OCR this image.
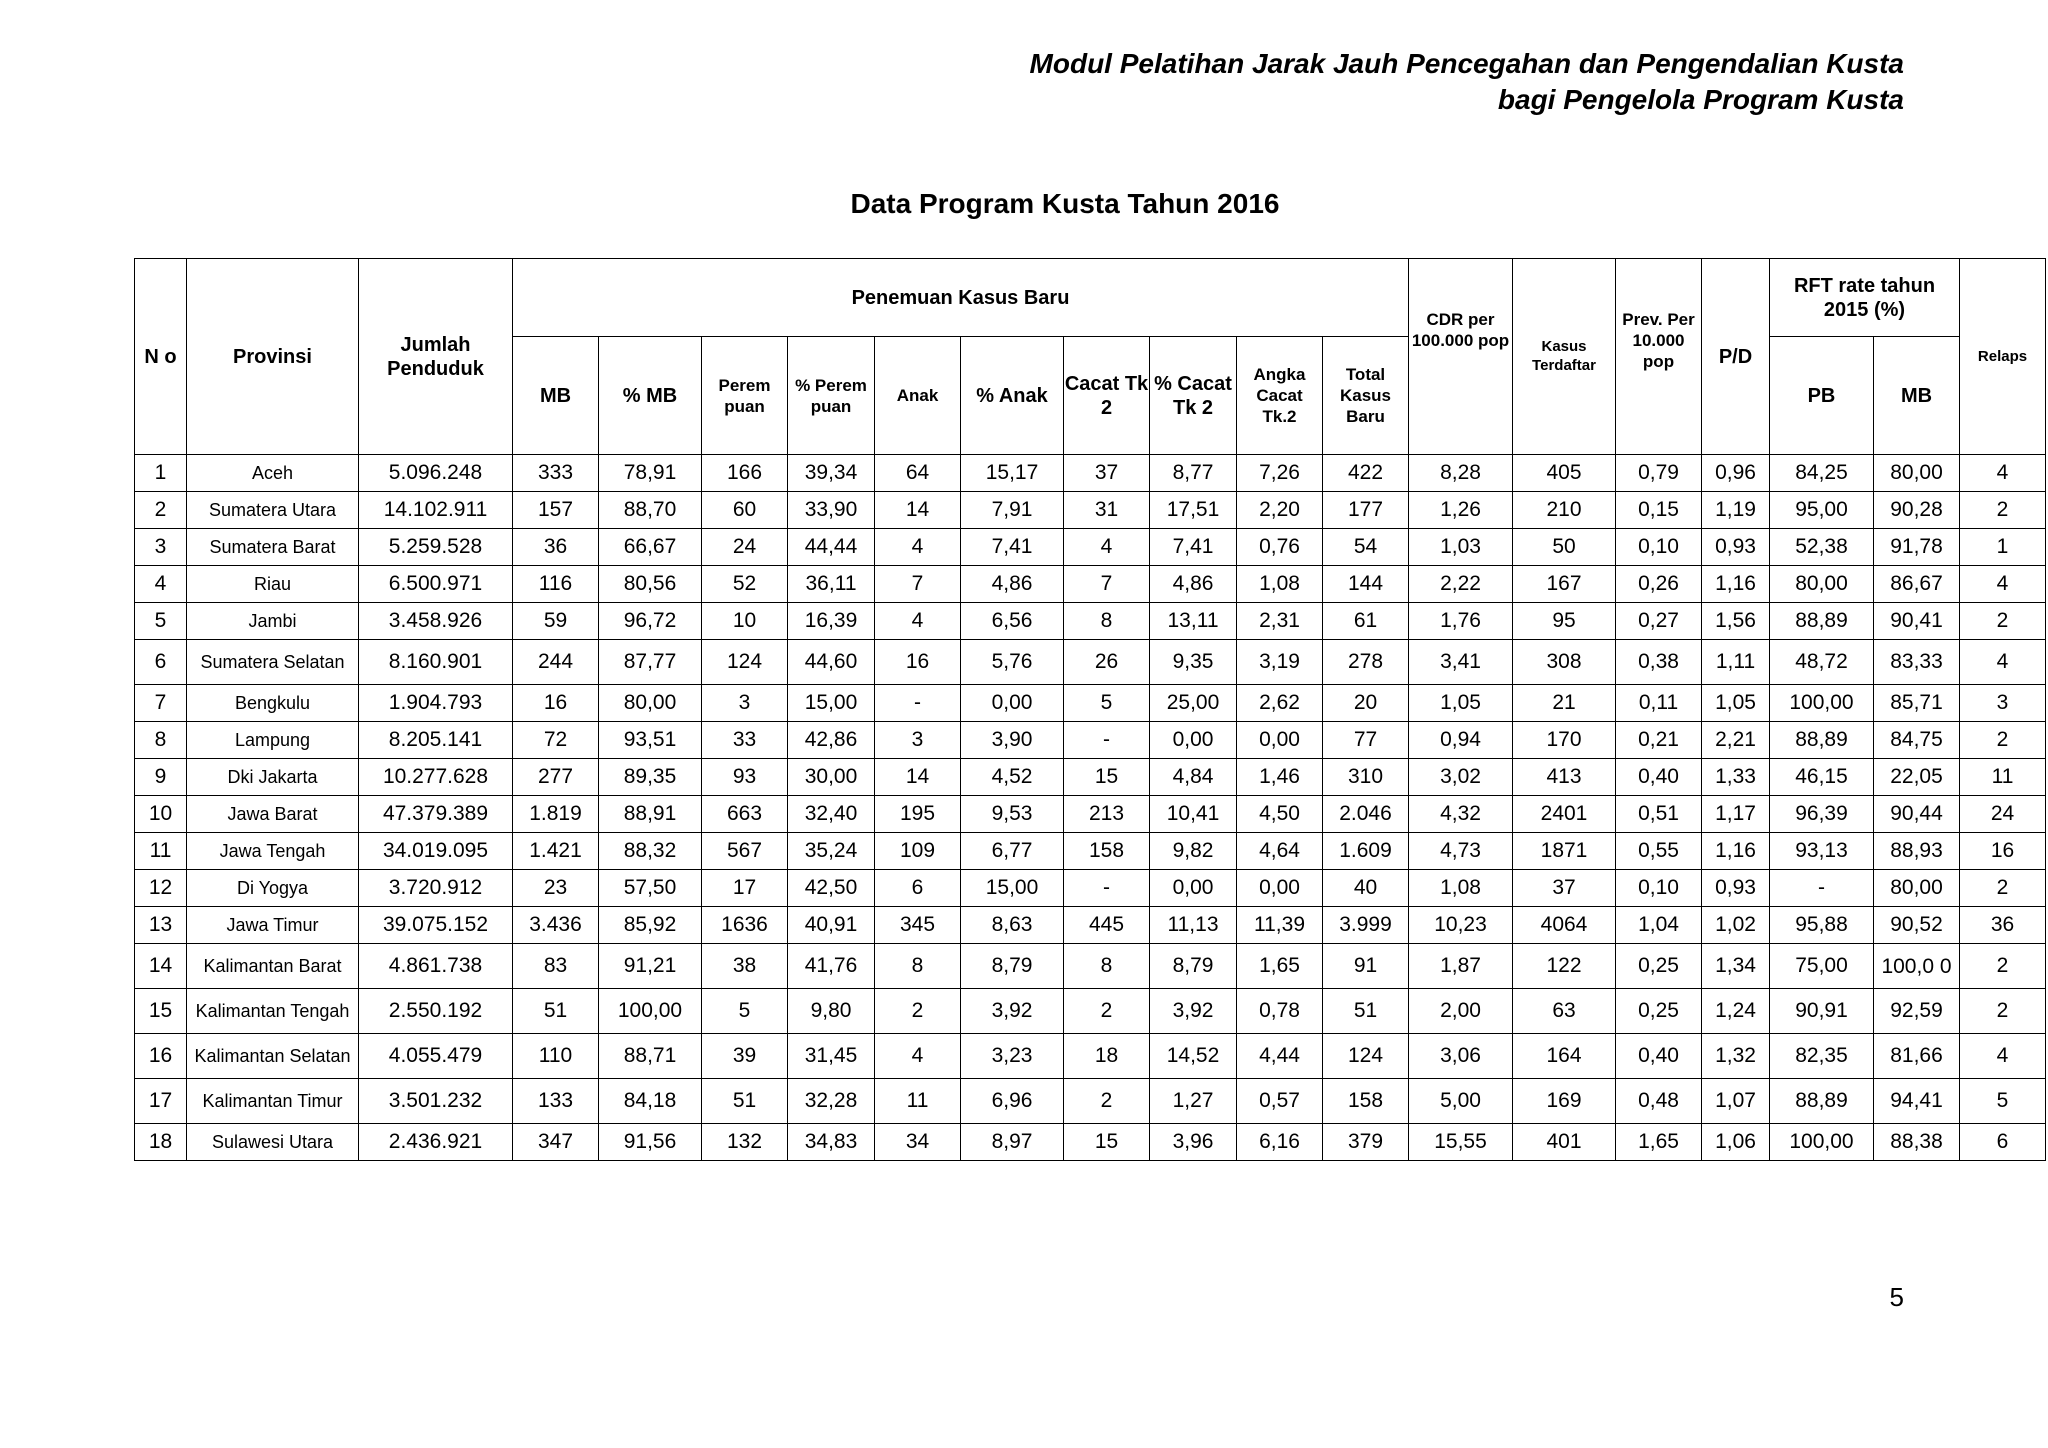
Modul Pelatihan Jarak Jauh Pencegahan dan Pengendalian Kusta
bagi Pengelola Program Kusta
Data Program Kusta Tahun 2016
N o	Provinsi	Jumlah Penduduk	Penemuan Kasus Baru										CDR per 100.000 pop	Kasus Terdaftar	Prev. Per 10.000 pop	P/D	RFT rate tahun 2015 (%)		Relaps
			MB	% MB	Perem puan	% Perem puan	Anak	% Anak	Cacat Tk 2	% Cacat Tk 2	Angka Cacat Tk.2	Total Kasus Baru					PB	MB	
1	Aceh	5.096.248	333	78,91	166	39,34	64	15,17	37	8,77	7,26	422	8,28	405	0,79	0,96	84,25	80,00	4
2	Sumatera Utara	14.102.911	157	88,70	60	33,90	14	7,91	31	17,51	2,20	177	1,26	210	0,15	1,19	95,00	90,28	2
3	Sumatera Barat	5.259.528	36	66,67	24	44,44	4	7,41	4	7,41	0,76	54	1,03	50	0,10	0,93	52,38	91,78	1
4	Riau	6.500.971	116	80,56	52	36,11	7	4,86	7	4,86	1,08	144	2,22	167	0,26	1,16	80,00	86,67	4
5	Jambi	3.458.926	59	96,72	10	16,39	4	6,56	8	13,11	2,31	61	1,76	95	0,27	1,56	88,89	90,41	2
6	Sumatera Selatan	8.160.901	244	87,77	124	44,60	16	5,76	26	9,35	3,19	278	3,41	308	0,38	1,11	48,72	83,33	4
7	Bengkulu	1.904.793	16	80,00	3	15,00	-	0,00	5	25,00	2,62	20	1,05	21	0,11	1,05	100,00	85,71	3
8	Lampung	8.205.141	72	93,51	33	42,86	3	3,90	-	0,00	0,00	77	0,94	170	0,21	2,21	88,89	84,75	2
9	Dki Jakarta	10.277.628	277	89,35	93	30,00	14	4,52	15	4,84	1,46	310	3,02	413	0,40	1,33	46,15	22,05	11
10	Jawa Barat	47.379.389	1.819	88,91	663	32,40	195	9,53	213	10,41	4,50	2.046	4,32	2401	0,51	1,17	96,39	90,44	24
11	Jawa Tengah	34.019.095	1.421	88,32	567	35,24	109	6,77	158	9,82	4,64	1.609	4,73	1871	0,55	1,16	93,13	88,93	16
12	Di Yogya	3.720.912	23	57,50	17	42,50	6	15,00	-	0,00	0,00	40	1,08	37	0,10	0,93	-	80,00	2
13	Jawa Timur	39.075.152	3.436	85,92	1636	40,91	345	8,63	445	11,13	11,39	3.999	10,23	4064	1,04	1,02	95,88	90,52	36
14	Kalimantan Barat	4.861.738	83	91,21	38	41,76	8	8,79	8	8,79	1,65	91	1,87	122	0,25	1,34	75,00	100,0 0	2
15	Kalimantan Tengah	2.550.192	51	100,00	5	9,80	2	3,92	2	3,92	0,78	51	2,00	63	0,25	1,24	90,91	92,59	2
16	Kalimantan Selatan	4.055.479	110	88,71	39	31,45	4	3,23	18	14,52	4,44	124	3,06	164	0,40	1,32	82,35	81,66	4
17	Kalimantan Timur	3.501.232	133	84,18	51	32,28	11	6,96	2	1,27	0,57	158	5,00	169	0,48	1,07	88,89	94,41	5
18	Sulawesi Utara	2.436.921	347	91,56	132	34,83	34	8,97	15	3,96	6,16	379	15,55	401	1,65	1,06	100,00	88,38	6
5
